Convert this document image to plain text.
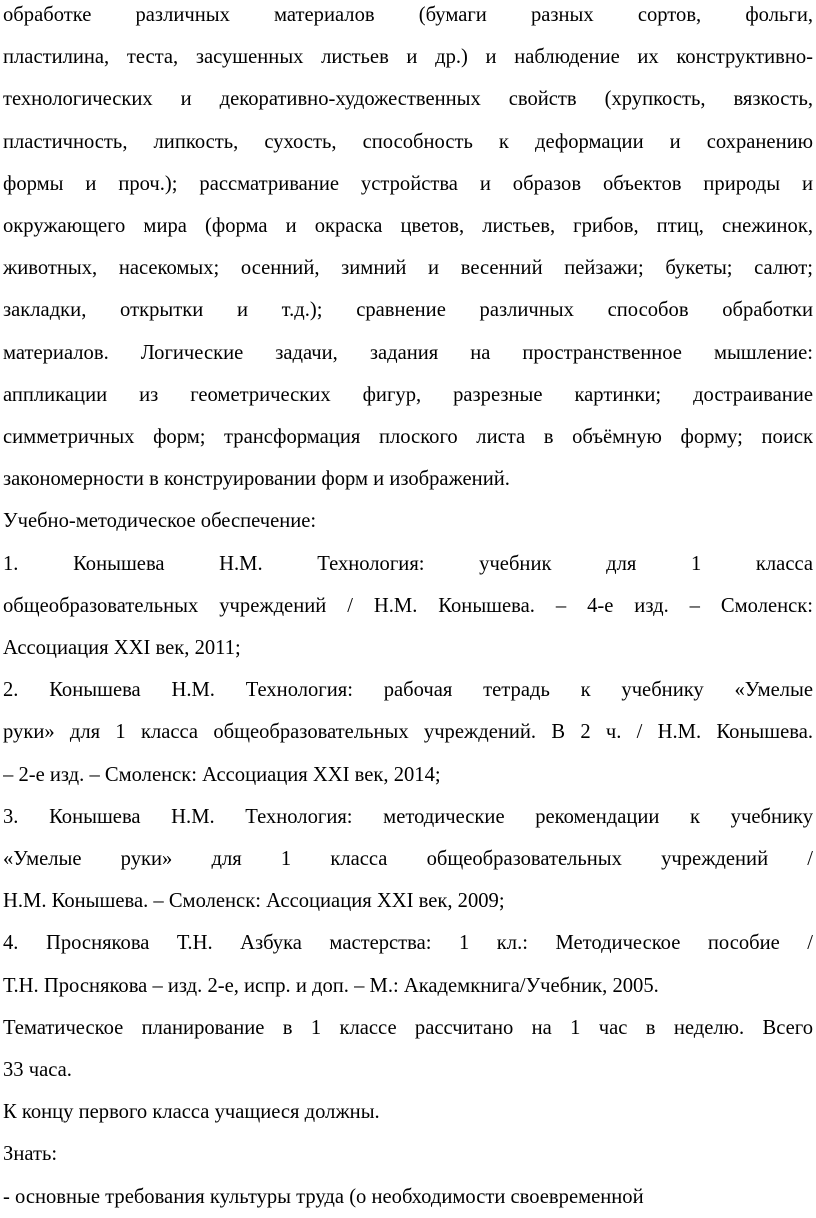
обработке различных материалов (бумаги разных сортов, фольги,
пластилина, теста, засушенных листьев и др.) и наблюдение их конструктивно-
технологических и декоративно-художественных свойств (хрупкость, вязкость,
пластичность, липкость, сухость, способность к деформации и сохранению
формы и проч.); рассматривание устройства и образов объектов природы и
окружающего мира (форма и окраска цветов, листьев, грибов, птиц, снежинок,
животных, насекомых; осенний, зимний и весенний пейзажи; букеты; салют;
закладки, открытки и т.д.); сравнение различных способов обработки
материалов. Логические задачи, задания на пространственное мышление:
аппликации из геометрических фигур, разрезные картинки; достраивание
симметричных форм; трансформация плоского листа в объёмную форму; поиск
закономерности в конструировании форм и изображений.
Учебно-методическое обеспечение:
1. Конышева Н.М. Технология: учебник для 1 класса
общеобразовательных учреждений / Н.М. Конышева. – 4-е изд. – Смоленск:
Ассоциация XXI век, 2011;
2. Конышева Н.М. Технология: рабочая тетрадь к учебнику «Умелые
руки» для 1 класса общеобразовательных учреждений. В 2 ч. / Н.М. Конышева.
– 2-е изд. – Смоленск: Ассоциация XXI век, 2014;
3. Конышева Н.М. Технология: методические рекомендации к учебнику
«Умелые руки» для 1 класса общеобразовательных учреждений /
Н.М. Конышева. – Смоленск: Ассоциация XXI век, 2009;
4. Проснякова Т.Н. Азбука мастерства: 1 кл.: Методическое пособие /
Т.Н. Проснякова – изд. 2-е, испр. и доп. – М.: Академкнига/Учебник, 2005.
Тематическое планирование в 1 классе рассчитано на 1 час в неделю. Всего
33 часа.
К концу первого класса учащиеся должны.
Знать:
- основные требования культуры труда (о необходимости своевременной
